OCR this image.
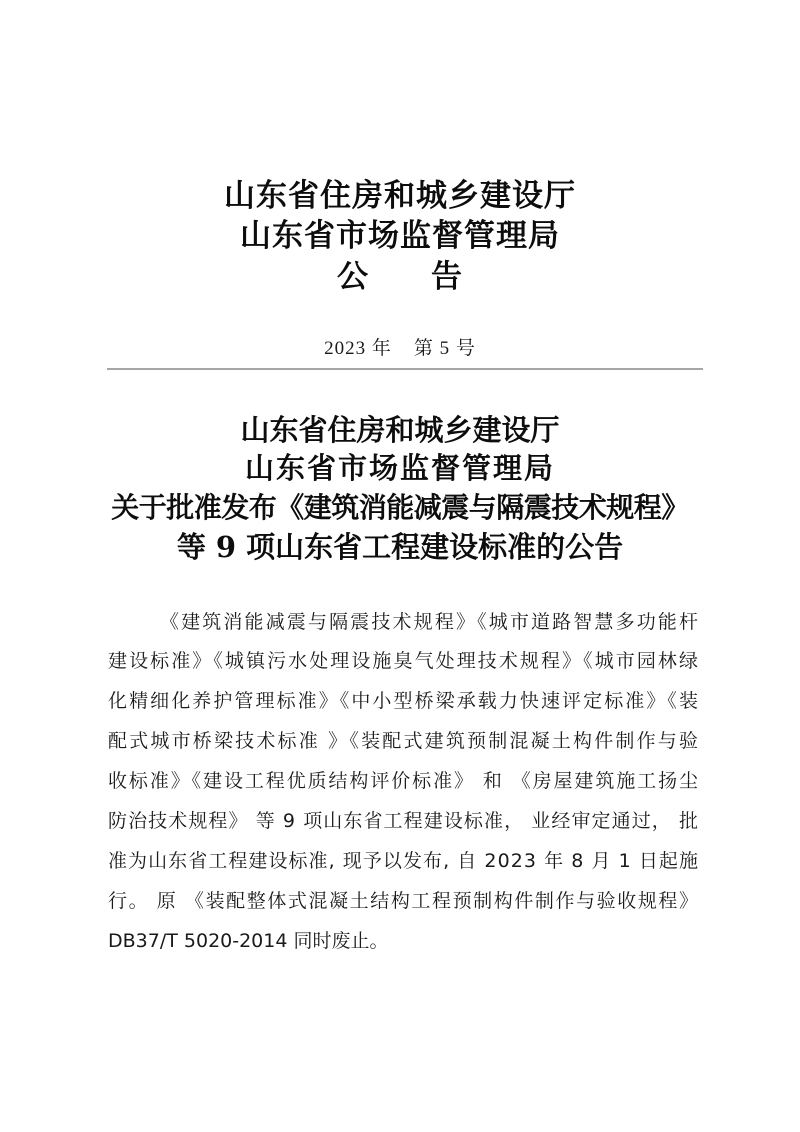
山东省住房和城乡建设厅
山东省市场监督管理局
公 告
2023 年 第 5 号
山东省住房和城乡建设厅
山东省市场监督管理局
关于批准发布《建筑消能减震与隔震技术规程》
等 9 项山东省工程建设标准的公告
《建筑消能减震与隔震技术规程》《城市道路智慧多功能杆
建设标准》《城镇污水处理设施臭气处理技术规程》《城市园林绿
化精细化养护管理标准》《中小型桥梁承载力快速评定标准》《装
配式城市桥梁技术标准 》《装配式建筑预制混凝土构件制作与验
收标准》《建设工程优质结构评价标准》 和 《房屋建筑施工扬尘
防治技术规程》 等 9 项山东省工程建设标准， 业经审定通过， 批
准为山东省工程建设标准, 现予以发布, 自 2023 年 8 月 1 日起施
行。 原 《装配整体式混凝土结构工程预制构件制作与验收规程》
DB37/T 5020-2014 同时废止。
